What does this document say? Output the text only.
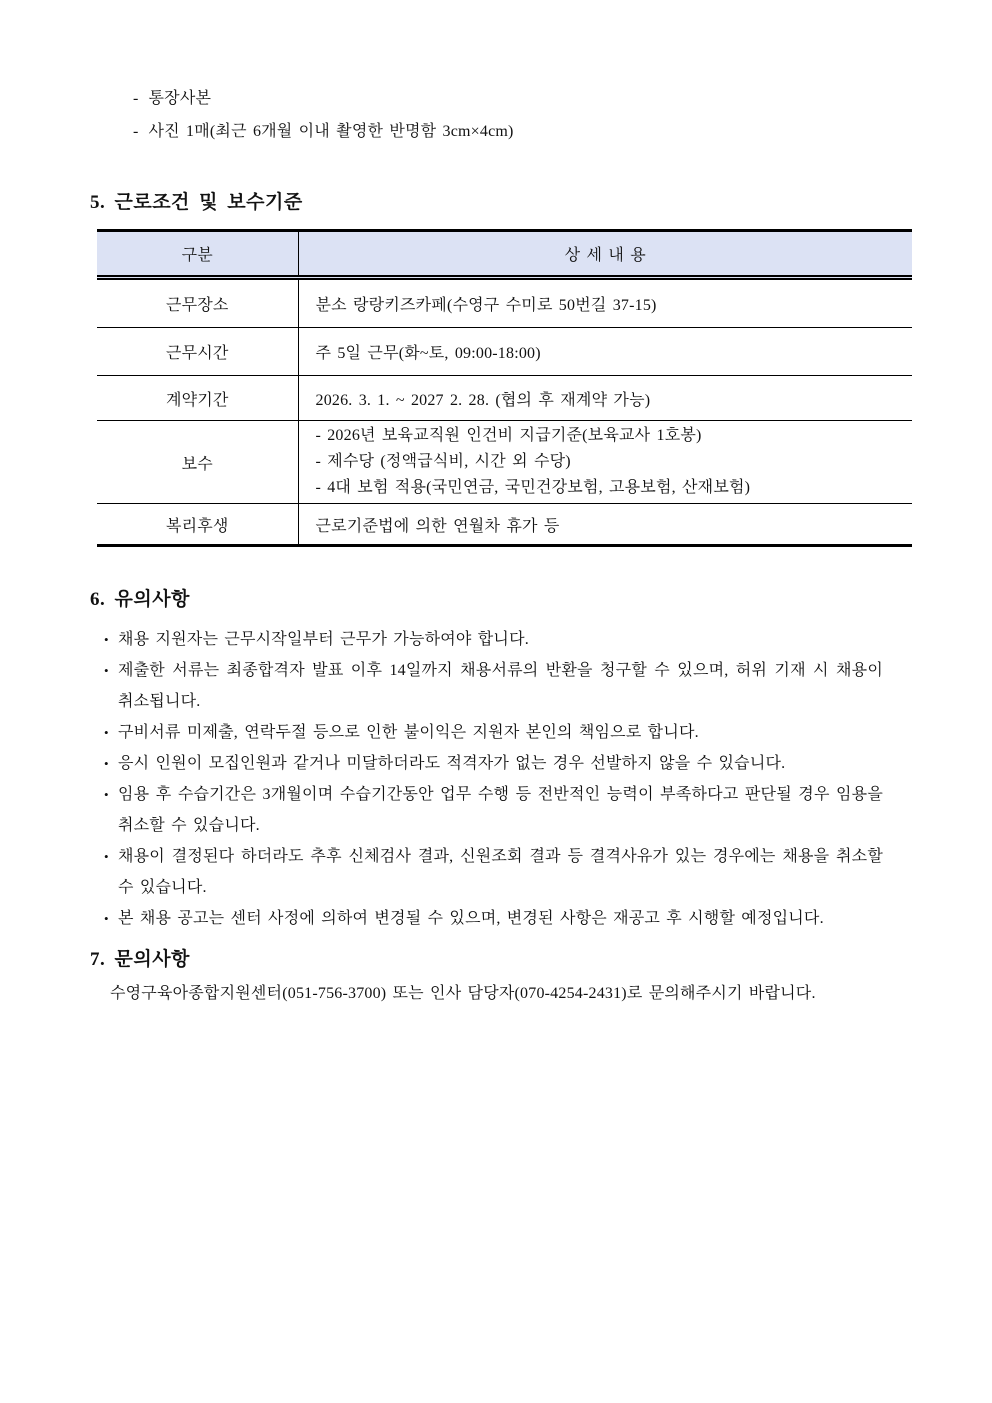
- 통장사본
- 사진 1매(최근 6개월 이내 촬영한 반명함 3cm×4cm)
5. 근로조건 및 보수기준
구분	상 세 내 용
근무장소	분소 랑랑키즈카페(수영구 수미로 50번길 37-15)
근무시간	주 5일 근무(화~토, 09:00-18:00)
계약기간	2026. 3. 1. ~ 2027 2. 28. (협의 후 재계약 가능)
보수	- 2026년 보육교직원 인건비 지급기준(보육교사 1호봉)
- 제수당 (정액급식비, 시간 외 수당)
- 4대 보험 적용(국민연금, 국민건강보험, 고용보험, 산재보험)

복리후생	근로기준법에 의한 연월차 휴가 등
6. 유의사항
• 채용 지원자는 근무시작일부터 근무가 가능하여야 합니다.
• 제출한 서류는 최종합격자 발표 이후 14일까지 채용서류의 반환을 청구할 수 있으며, 허위 기재 시 채용이 취소됩니다.
• 구비서류 미제출, 연락두절 등으로 인한 불이익은 지원자 본인의 책임으로 합니다.
• 응시 인원이 모집인원과 같거나 미달하더라도 적격자가 없는 경우 선발하지 않을 수 있습니다.
• 임용 후 수습기간은 3개월이며 수습기간동안 업무 수행 등 전반적인 능력이 부족하다고 판단될 경우 임용을 취소할 수 있습니다.
• 채용이 결정된다 하더라도 추후 신체검사 결과, 신원조회 결과 등 결격사유가 있는 경우에는 채용을 취소할 수 있습니다.
• 본 채용 공고는 센터 사정에 의하여 변경될 수 있으며, 변경된 사항은 재공고 후 시행할 예정입니다.
7. 문의사항

수영구육아종합지원센터(051-756-3700) 또는 인사 담당자(070-4254-2431)로 문의해주시기 바랍니다.
